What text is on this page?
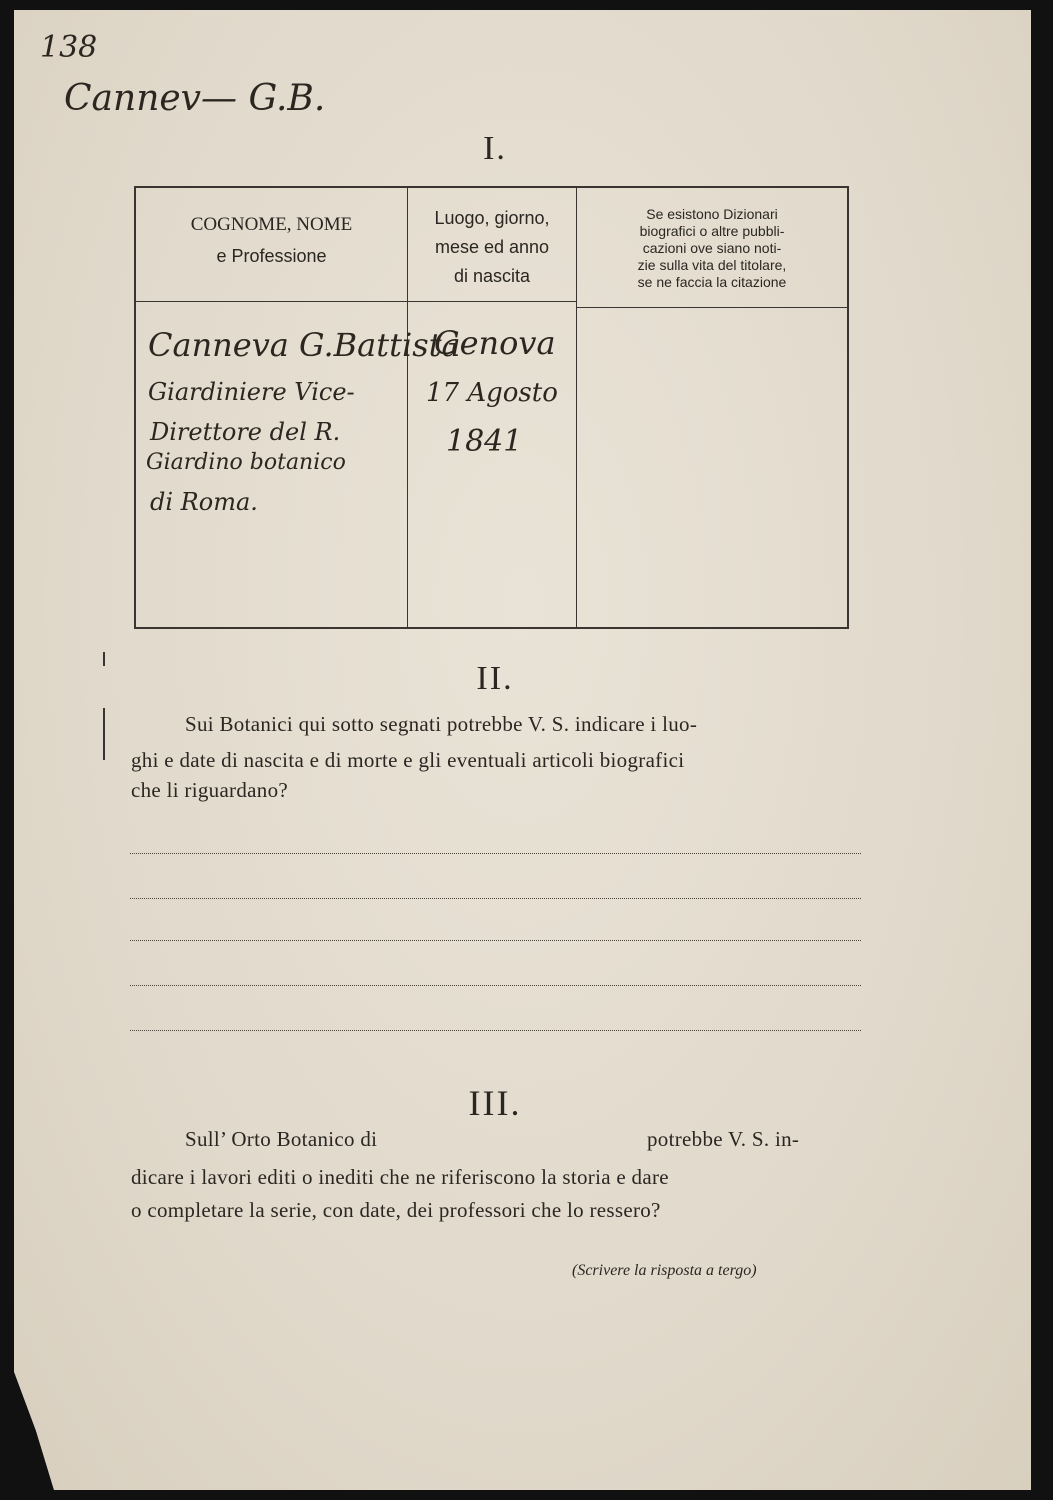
138
Cannev— G.B.
I.
COGNOME, NOME
e Professione
Luogo, giorno,
mese ed anno
di nascita
Se esistono Dizionari
biografici o altre pubbli-
cazioni ove siano noti-
zie sulla vita del titolare,
se ne faccia la citazione
Canneva G.Battista
Giardiniere Vice-
Direttore del R.
Giardino botanico
di Roma.
Genova
17 Agosto
1841
II.
Sui Botanici qui sotto segnati potrebbe V. S. indicare i luo-
ghi e date di nascita e di morte e gli eventuali articoli biografici
che li riguardano?
III.
Sull’ Orto Botanico di	potrebbe V. S. in-
dicare i lavori editi o inediti che ne riferiscono la storia e dare
o completare la serie, con date, dei professori che lo ressero?
(Scrivere la risposta a tergo)
